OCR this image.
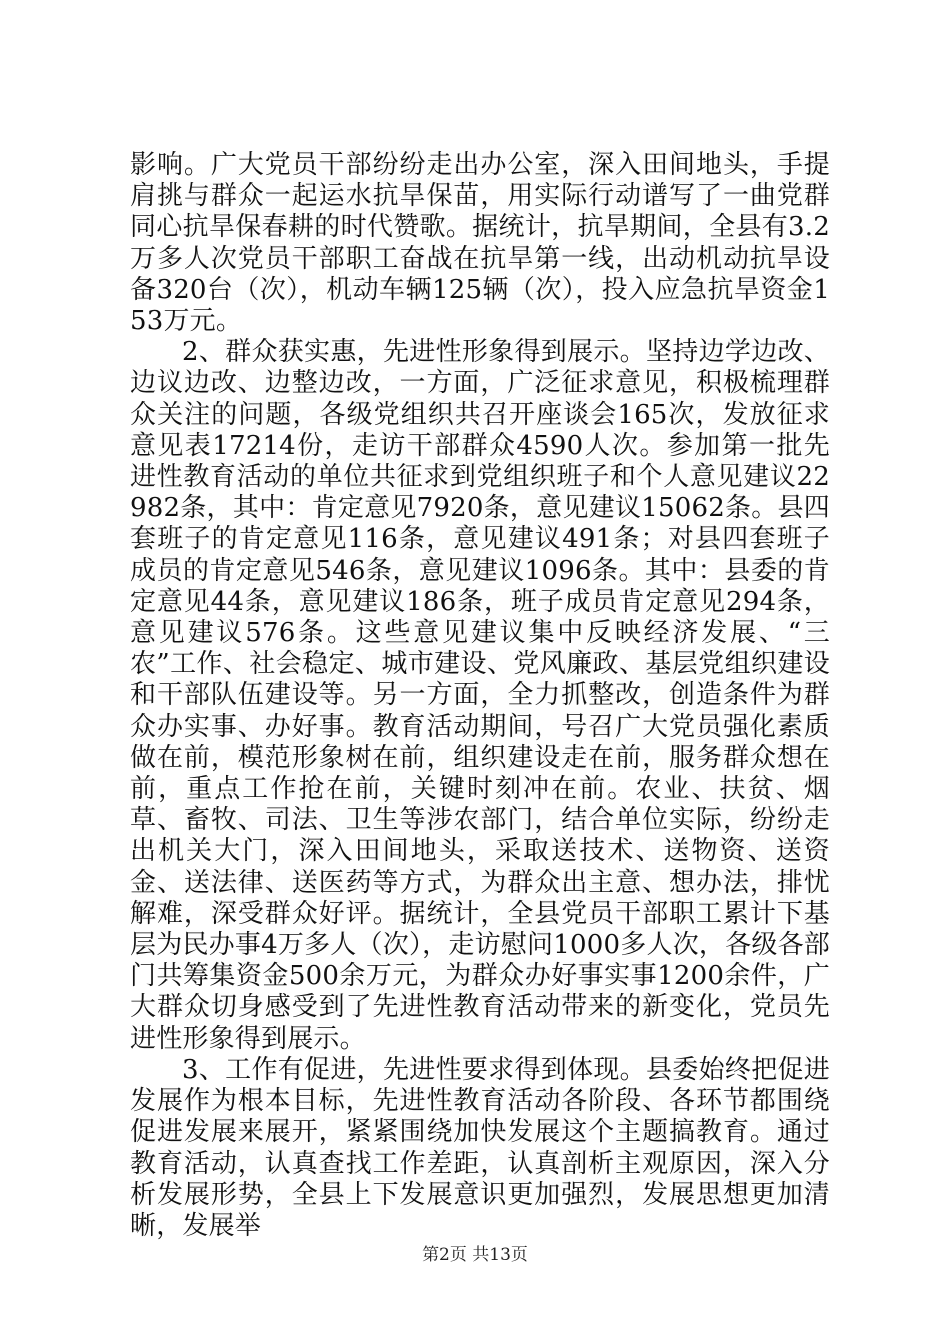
影响。广大党员干部纷纷走出办公室，深入田间地头，手提肩挑与群众一起运水抗旱保苗，用实际行动谱写了一曲党群同心抗旱保春耕的时代赞歌。据统计，抗旱期间，全县有3.2万多人次党员干部职工奋战在抗旱第一线，出动机动抗旱设备320台（次），机动车辆125辆（次），投入应急抗旱资金153万元。

2、群众获实惠，先进性形象得到展示。坚持边学边改、边议边改、边整边改，一方面，广泛征求意见，积极梳理群众关注的问题，各级党组织共召开座谈会165次，发放征求意见表17214份，走访干部群众4590人次。参加第一批先进性教育活动的单位共征求到党组织班子和个人意见建议22982条，其中：肯定意见7920条，意见建议15062条。县四套班子的肯定意见116条，意见建议491条；对县四套班子成员的肯定意见546条，意见建议1096条。其中：县委的肯定意见44条，意见建议186条，班子成员肯定意见294条，意见建议576条。这些意见建议集中反映经济发展、“三农”工作、社会稳定、城市建设、党风廉政、基层党组织建设和干部队伍建设等。另一方面，全力抓整改，创造条件为群众办实事、办好事。教育活动期间，号召广大党员强化素质做在前，模范形象树在前，组织建设走在前，服务群众想在前，重点工作抢在前，关键时刻冲在前。农业、扶贫、烟草、畜牧、司法、卫生等涉农部门，结合单位实际，纷纷走出机关大门，深入田间地头，采取送技术、送物资、送资金、送法律、送医药等方式，为群众出主意、想办法，排忧解难，深受群众好评。据统计，全县党员干部职工累计下基层为民办事4万多人（次），走访慰问1000多人次，各级各部门共筹集资金500余万元，为群众办好事实事1200余件，广大群众切身感受到了先进性教育活动带来的新变化，党员先进性形象得到展示。

3、工作有促进，先进性要求得到体现。县委始终把促进发展作为根本目标，先进性教育活动各阶段、各环节都围绕促进发展来展开，紧紧围绕加快发展这个主题搞教育。通过教育活动，认真查找工作差距，认真剖析主观原因，深入分析发展形势，全县上下发展意识更加强烈，发展思想更加清晰，发展举

第2页 共13页
